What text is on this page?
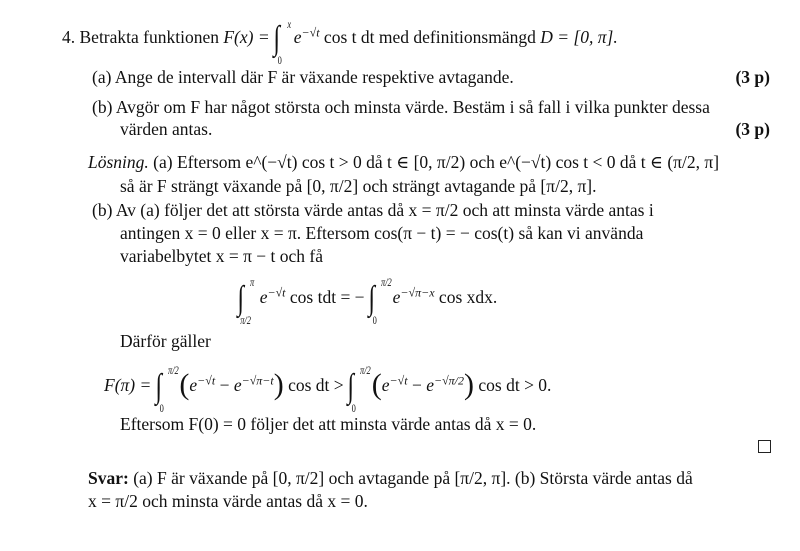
4. Betrakta funktionen F(x) = ∫ x
0
$e^{-√t}$ cos t dt med definitionsmängd D = [0, π].
(a) Ange de intervall där F är växande respektive avtagande.	(3 p)
(b) Avgör om F har något största och minsta värde. Bestäm i så fall i vilka punkter dessa
värden antas.	(3 p)
Lösning. (a) Eftersom e^(−√t) cos t > 0 då t ∈ [0, π/2) och e^(−√t) cos t < 0 då t ∈ (π/2, π]
så är F strängt växande på [0, π/2] och strängt avtagande på [π/2, π].
(b) Av (a) följer det att största värde antas då x = π/2 och att minsta värde antas i
antingen x = 0 eller x = π. Eftersom cos(π − t) = − cos(t) så kan vi använda
variabelbytet x = π − t och få
∫ π
π/2
$e^{-√t}$ cos tdt = − ∫ π/2
0
$e^{-√\pi-x}$ cos xdx.
Därför gäller
F(π) = ∫ π/2
0
$(e^{-√t} - e^{-√\pi-t})$ cos dt > ∫ π/2
0
$(e^{-√t} - e^{-√\pi/2})$ cos dt > 0.
Eftersom F(0) = 0 följer det att minsta värde antas då x = 0.
Svar: (a) F är växande på [0, π/2] och avtagande på [π/2, π]. (b) Största värde antas då
x = π/2 och minsta värde antas då x = 0.
